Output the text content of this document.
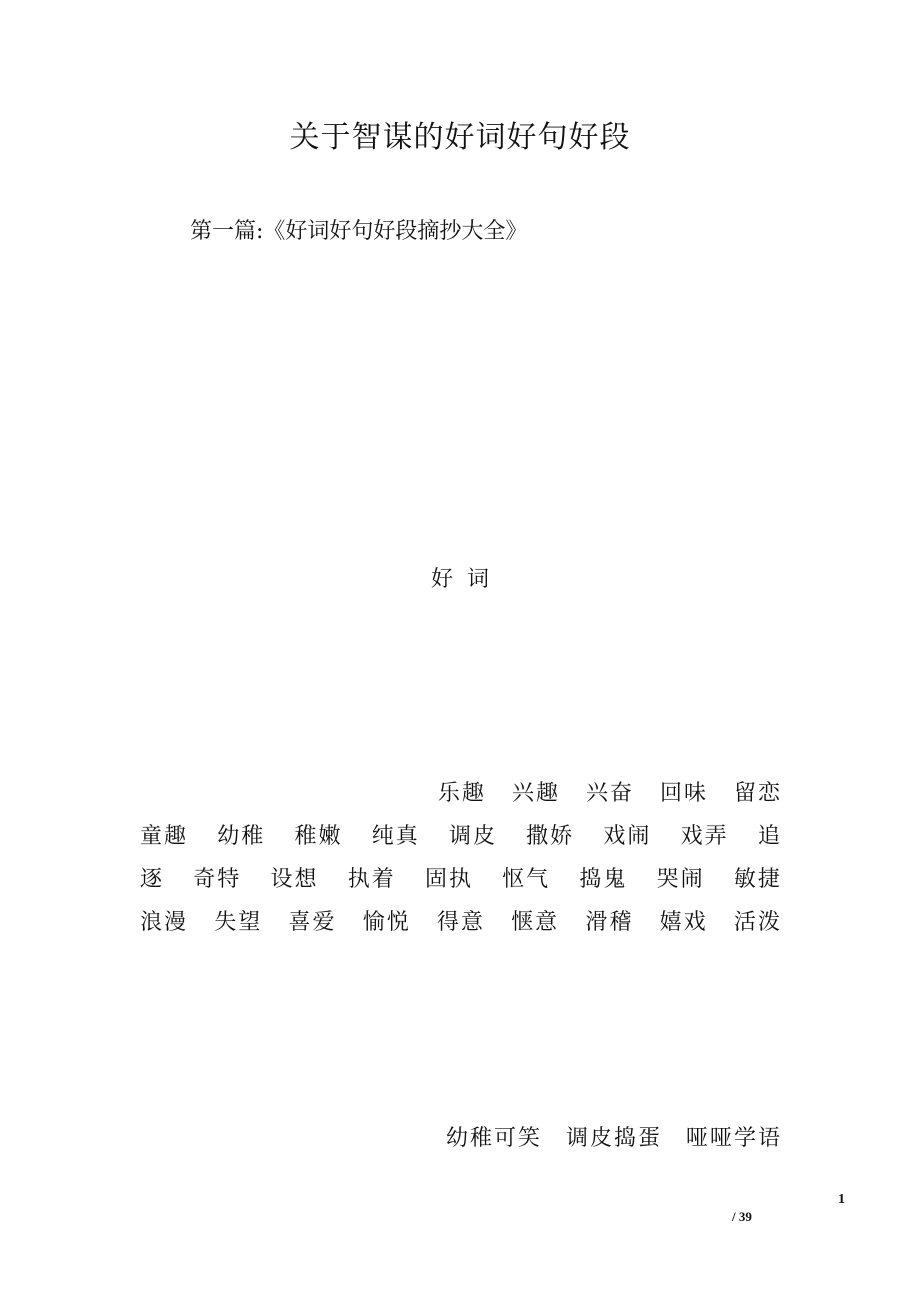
关于智谋的好词好句好段
第一篇:《好词好句好段摘抄大全》
好词
乐趣 兴趣 兴奋 回味 留恋
童趣 幼稚 稚嫩 纯真 调皮 撒娇 戏闹 戏弄 追
逐 奇特 设想 执着 固执 怄气 捣鬼 哭闹 敏捷
浪漫 失望 喜爱 愉悦 得意 惬意 滑稽 嬉戏 活泼
幼稚可笑 调皮捣蛋 哑哑学语
1
/ 39
